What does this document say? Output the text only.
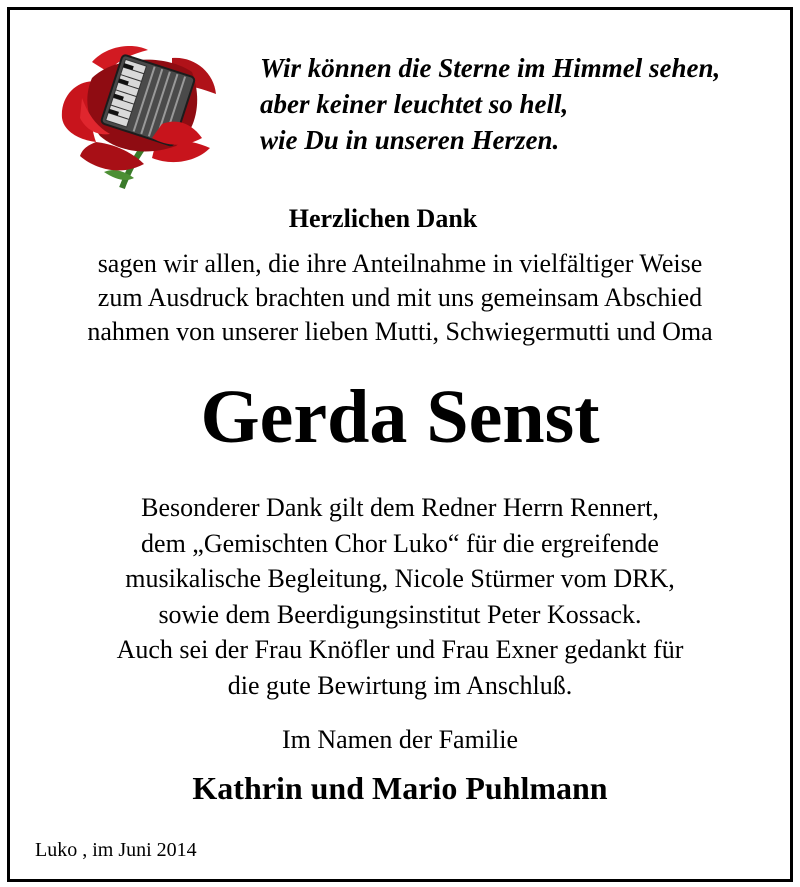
Wir können die Sterne im Himmel sehen,
aber keiner leuchtet so hell,
wie Du in unseren Herzen.
Herzlichen Dank
sagen wir allen, die ihre Anteilnahme in vielfältiger Weise
zum Ausdruck brachten und mit uns gemeinsam Abschied
nahmen von unserer lieben Mutti, Schwiegermutti und Oma
Gerda Senst
Besonderer Dank gilt dem Redner Herrn Rennert,
dem „Gemischten Chor Luko“ für die ergreifende
musikalische Begleitung, Nicole Stürmer vom DRK,
sowie dem Beerdigungsinstitut Peter Kossack.
Auch sei der Frau Knöfler und Frau Exner gedankt für
die gute Bewirtung im Anschluß.
Im Namen der Familie
Kathrin und Mario Puhlmann
Luko , im Juni 2014
